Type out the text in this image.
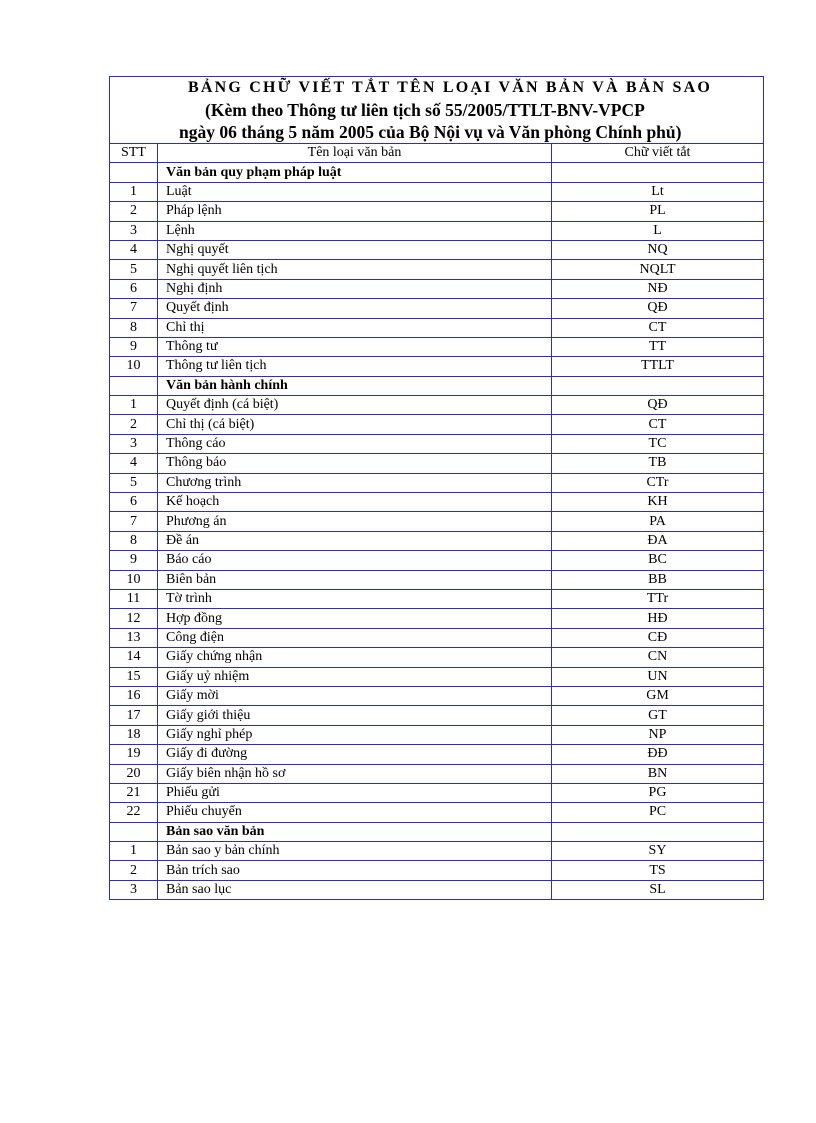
BẢNG CHỮ VIẾT TẮT TÊN LOẠI VĂN BẢN VÀ BẢN SAO
(Kèm theo Thông tư liên tịch số 55/2005/TTLT-BNV-VPCP
ngày 06 tháng 5 năm 2005 của Bộ Nội vụ và Văn phòng Chính phủ)		

STT	Tên loại văn bản	Chữ viết tắt
	Văn bản quy phạm pháp luật	
1	Luật	Lt
2	Pháp lệnh	PL
3	Lệnh	L
4	Nghị quyết	NQ
5	Nghị quyết liên tịch	NQLT
6	Nghị định	NĐ
7	Quyết định	QĐ
8	Chỉ thị	CT
9	Thông tư	TT
10	Thông tư liên tịch	TTLT
	Văn bản hành chính	
1	Quyết định (cá biệt)	QĐ
2	Chỉ thị (cá biệt)	CT
3	Thông cáo	TC
4	Thông báo	TB
5	Chương trình	CTr
6	Kế hoạch	KH
7	Phương án	PA
8	Đề án	ĐA
9	Báo cáo	BC
10	Biên bản	BB
11	Tờ trình	TTr
12	Hợp đồng	HĐ
13	Công điện	CĐ
14	Giấy chứng nhận	CN
15	Giấy uỷ nhiệm	UN
16	Giấy mời	GM
17	Giấy giới thiệu	GT
18	Giấy nghỉ phép	NP
19	Giấy đi đường	ĐĐ
20	Giấy biên nhận hồ sơ	BN
21	Phiếu gửi	PG
22	Phiếu chuyển	PC
	Bản sao văn bản	
1	Bản sao y bản chính	SY
2	Bản trích sao	TS
3	Bản sao lục	SL
